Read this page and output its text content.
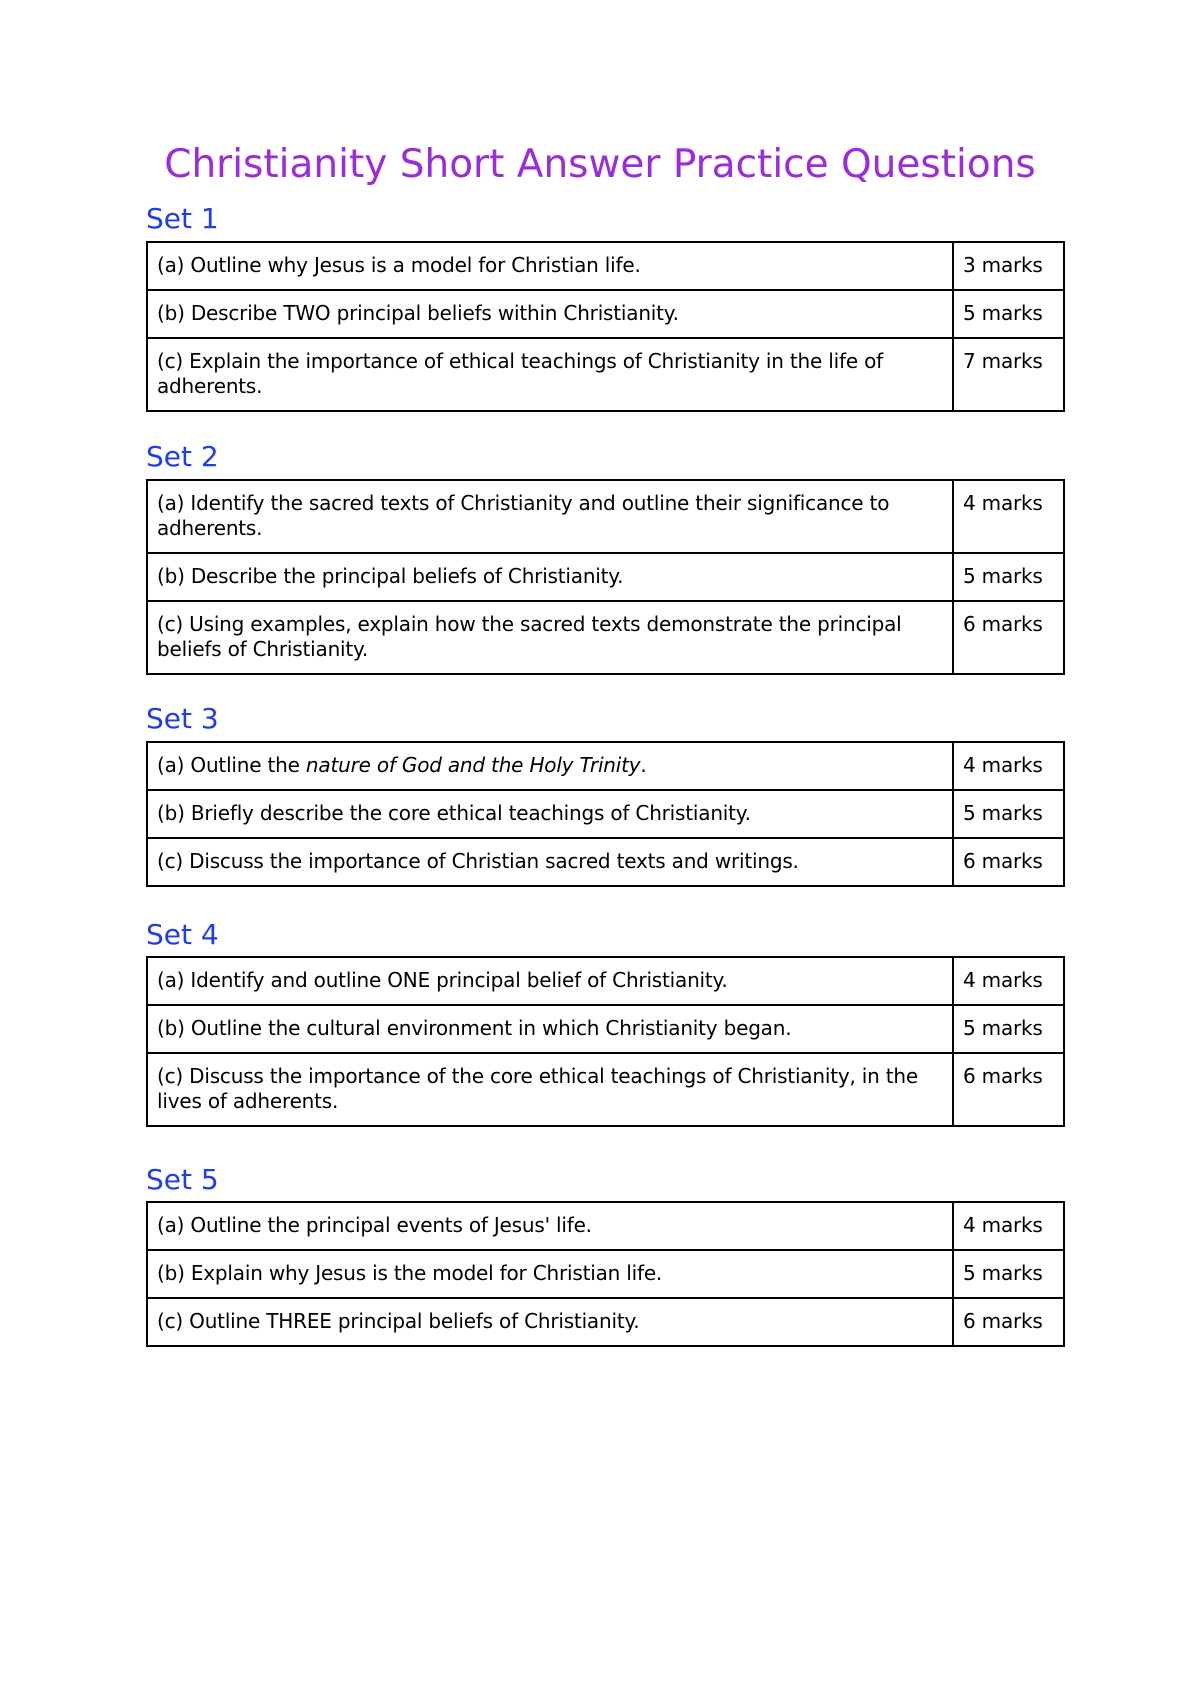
Christianity Short Answer Practice Questions
Set 1
(a) Outline why Jesus is a model for Christian life.	3 marks
(b) Describe TWO principal beliefs within Christianity.	5 marks
(c) Explain the importance of ethical teachings of Christianity in the life of adherents.	7 marks
Set 2
(a) Identify the sacred texts of Christianity and outline their significance to adherents.	4 marks
(b) Describe the principal beliefs of Christianity.	5 marks
(c) Using examples, explain how the sacred texts demonstrate the principal beliefs of Christianity.	6 marks
Set 3
(a) Outline the nature of God and the Holy Trinity.	4 marks
(b) Briefly describe the core ethical teachings of Christianity.	5 marks
(c) Discuss the importance of Christian sacred texts and writings.	6 marks
Set 4
(a) Identify and outline ONE principal belief of Christianity.	4 marks
(b) Outline the cultural environment in which Christianity began.	5 marks
(c) Discuss the importance of the core ethical teachings of Christianity, in the lives of adherents.	6 marks
Set 5
(a) Outline the principal events of Jesus' life.	4 marks
(b) Explain why Jesus is the model for Christian life.	5 marks
(c) Outline THREE principal beliefs of Christianity.	6 marks
